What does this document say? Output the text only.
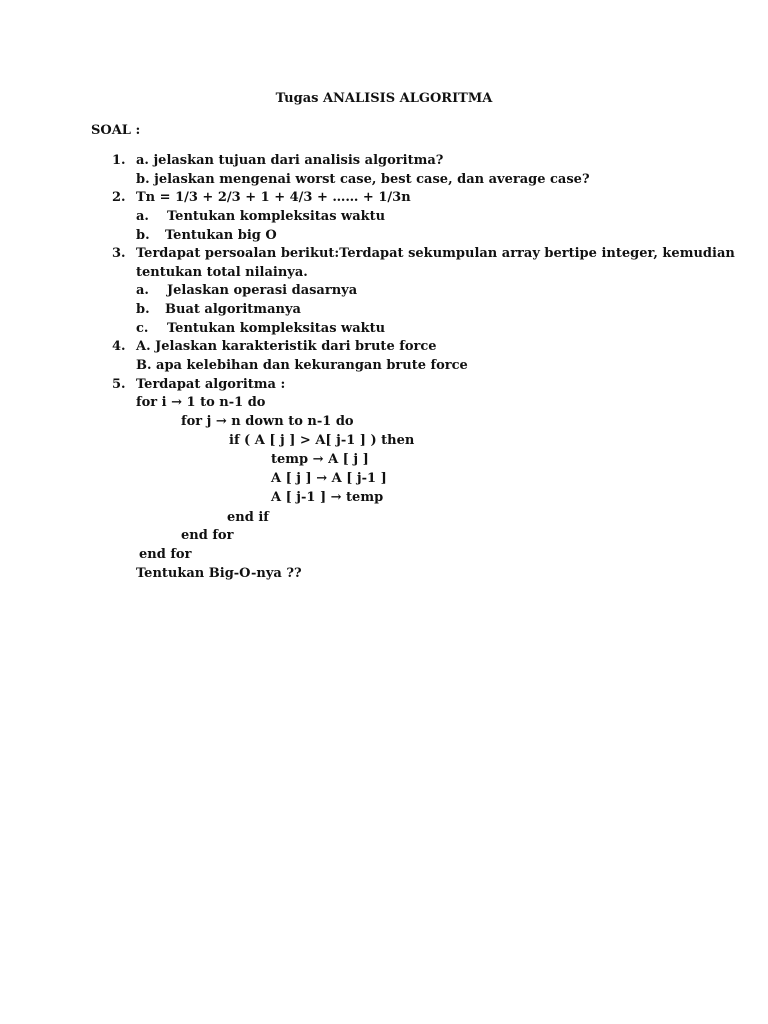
Tugas ANALISIS ALGORITMA
SOAL :
1. a. jelaskan tujuan dari analisis algoritma?
b. jelaskan mengenai worst case, best case, dan average case?
2. Tn = 1/3 + 2/3 + 1 + 4/3 + …… + 1/3n
a. Tentukan kompleksitas waktu
b. Tentukan big O
3. Terdapat persoalan berikut:Terdapat sekumpulan array bertipe integer, kemudian
tentukan total nilainya.
a. Jelaskan operasi dasarnya
b. Buat algoritmanya
c. Tentukan kompleksitas waktu
4. A. Jelaskan karakteristik dari brute force
B. apa kelebihan dan kekurangan brute force
5. Terdapat algoritma :
for i → 1 to n-1 do
for j → n down to n-1 do
if ( A [ j ] > A[ j-1 ] ) then
temp → A [ j ]
A [ j ] → A [ j-1 ]
A [ j-1 ] → temp
end if
end for
end for
Tentukan Big-O-nya ??
